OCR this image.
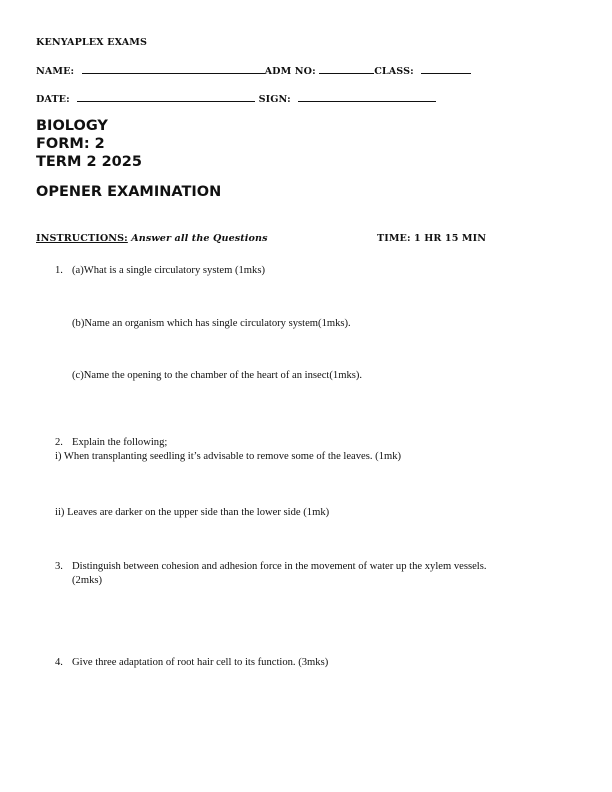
KENYAPLEX EXAMS
NAME:	ADM NO:	CLASS:
DATE:	SIGN:
BIOLOGY
FORM: 2
TERM 2 2025
OPENER EXAMINATION
INSTRUCTIONS: Answer all the Questions	TIME: 1 HR 15 MIN
1. (a)What is a single circulatory system (1mks)
(b)Name an organism which has single circulatory system(1mks).
(c)Name the opening to the chamber of the heart of an insect(1mks).
2. Explain the following;
i) When transplanting seedling it’s advisable to remove some of the leaves. (1mk)
ii) Leaves are darker on the upper side than the lower side (1mk)
3. Distinguish between cohesion and adhesion force in the movement of water up the xylem vessels.
(2mks)
4. Give three adaptation of root hair cell to its function. (3mks)
